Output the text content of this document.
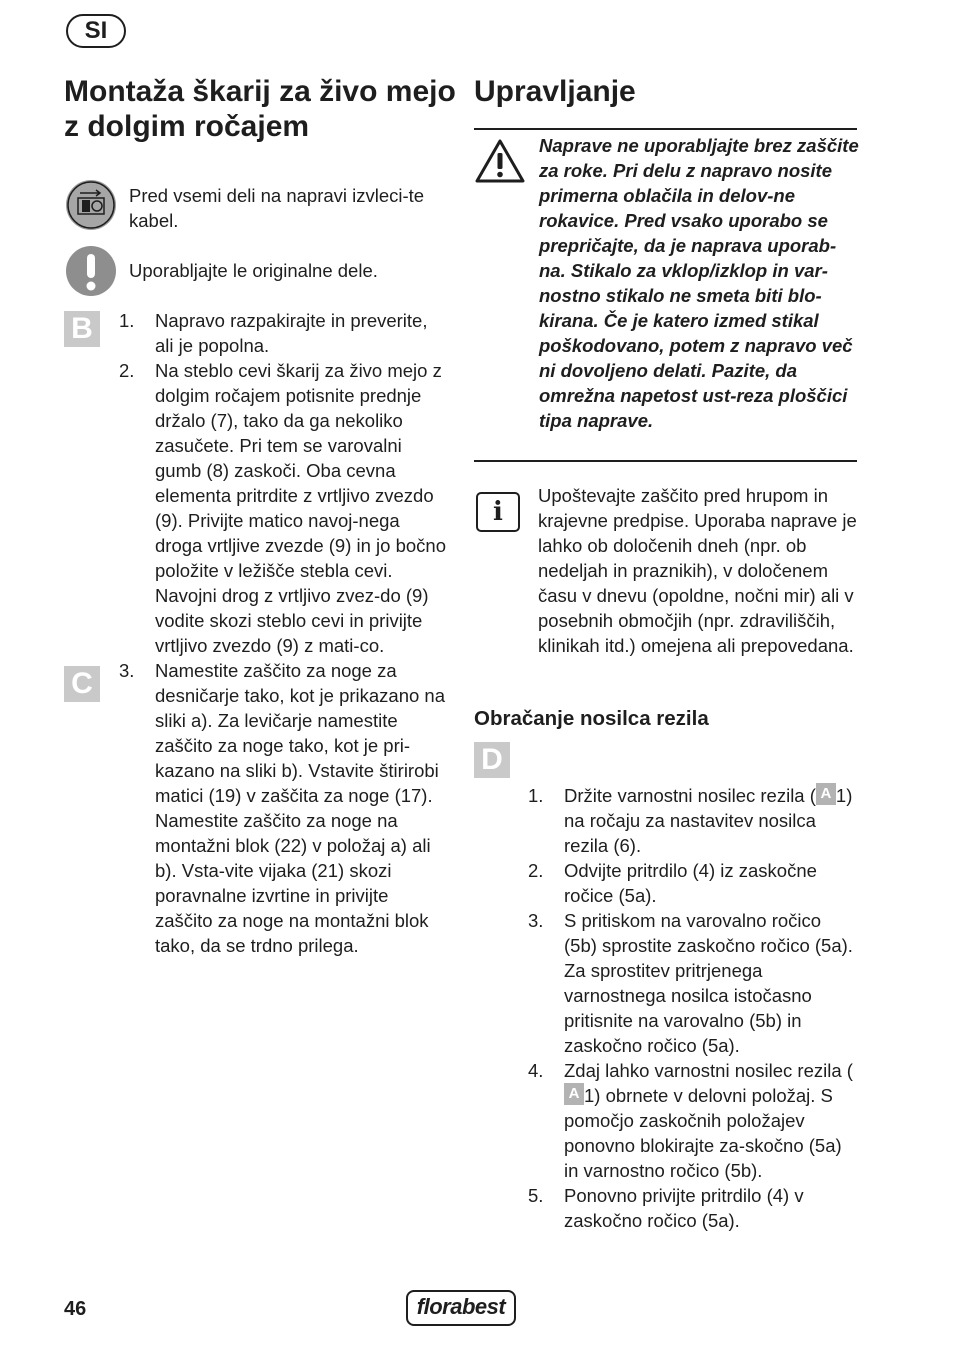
SI
Montaža škarij za živo mejo z dolgim ročajem

Pred vsemi deli na napravi izvleci-te kabel.

Uporabljajte le originalne dele.

B
C
1. Napravo razpakirajte in preverite, ali je popolna.
2. Na steblo cevi škarij za živo mejo z dolgim ročajem potisnite prednje držalo (7), tako da ga nekoliko zasučete. Pri tem se varovalni gumb (8) zaskoči. Oba cevna elementa pritrdite z vrtljivo zvezdo (9). Privijte matico navoj-nega droga vrtljive zvezde (9) in jo bočno položite v ležišče stebla cevi. Navojni drog z vrtljivo zvez-do (9) vodite skozi steblo cevi in privijte vrtljivo zvezdo (9) z mati-co.
3. Namestite zaščito za noge za desničarje tako, kot je prikazano na sliki a). Za levičarje namestite zaščito za noge tako, kot je pri-kazano na sliki b). Vstavite štirirobi matici (19) v zaščita za noge (17). Namestite zaščito za noge na montažni blok (22) v položaj a) ali b). Vsta-vite vijaka (21) skozi poravnalne izvrtine in privijte zaščito za noge na montažni blok tako, da se trdno prilega.
Upravljanje

Naprave ne uporabljajte brez zaščite za roke. Pri delu z napravo nosite primerna oblačila in delov-ne rokavice. Pred vsako uporabo se prepričajte, da je naprava uporab-na. Stikalo za vklop/izklop in var-nostno stikalo ne smeta biti blo-kirana. Če je katero izmed stikal poškodovano, potem z napravo več ni dovoljeno delati. Pazite, da omrežna napetost ust-reza ploščici tipa naprave.

i

Upoštevajte zaščito pred hrupom in krajevne predpise. Uporaba naprave je lahko ob določenih dneh (npr. ob nedeljah in praznikih), v določenem času v dnevu (opoldne, nočni mir) ali v posebnih območjih (npr. zdraviliščih, klinikah itd.) omejena ali prepovedana.

Obračanje nosilca rezila

D
1. Držite varnostni nosilec rezila ( A 1) na ročaju za nastavitev nosilca rezila (6).
2. Odvijte pritrdilo (4) iz zaskočne ročice (5a).
3. S pritiskom na varovalno ročico (5b) sprostite zaskočno ročico (5a). Za sprostitev pritrjenega varnostnega nosilca istočasno pritisnite na varovalno (5b) in zaskočno ročico (5a).
4. Zdaj lahko varnostni nosilec rezila (A 1) obrnete v delovni položaj. S pomočjo zaskočnih položajev ponovno blokirajte za-skočno (5a) in varnostno ročico (5b).
5. Ponovno privijte pritrdilo (4) v zaskočno ročico (5a).
46	florabest
